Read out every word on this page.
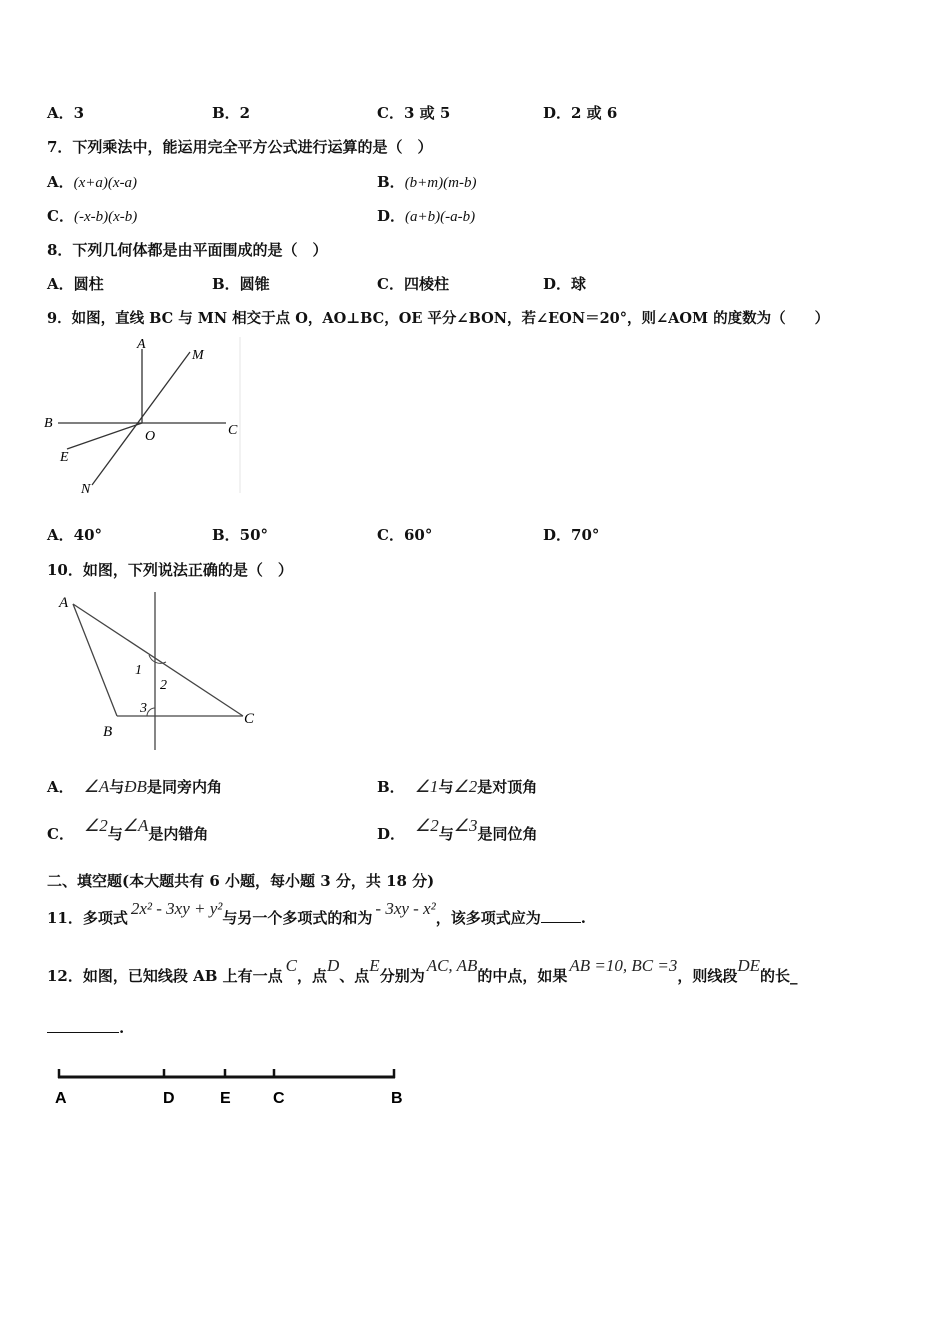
A．3	B．2	C．3 或 5	D．2 或 6
7．下列乘法中，能运用完全平方公式进行运算的是（　）
A．(x+a)(x-a)	B．(b+m)(m-b)
C．(-x-b)(x-b)	D．(a+b)(-a-b)
8．下列几何体都是由平面围成的是（　）
A．圆柱	B．圆锥	C．四棱柱	D．球
9．如图，直线 BC 与 MN 相交于点 O，AO⊥BC，OE 平分∠BON，若∠EON＝20°，则∠AOM 的度数为（　　）
A
M
B
O	C
E
N
A．40°	B．50°	C．60°	D．70°
10．如图，下列说法正确的是（　）
A
B
C
1
2
3
A． ∠A与ÐB是同旁内角	B． ∠1与∠2是对顶角
C． ∠2与∠A是内错角	D． ∠2与∠3是同位角
二、填空题(本大题共有 6 小题，每小题 3 分，共 18 分)
11．多项式 2x² - 3xy + y²与另一个多项式的和为 - 3xy - x²，该多项式应为	.
12．如图，已知线段 AB 上有一点C，点D、点E分别为AC, AB的中点，如果AB =10, BC =3，则线段DE的长_
.
A	D	E	C	B
